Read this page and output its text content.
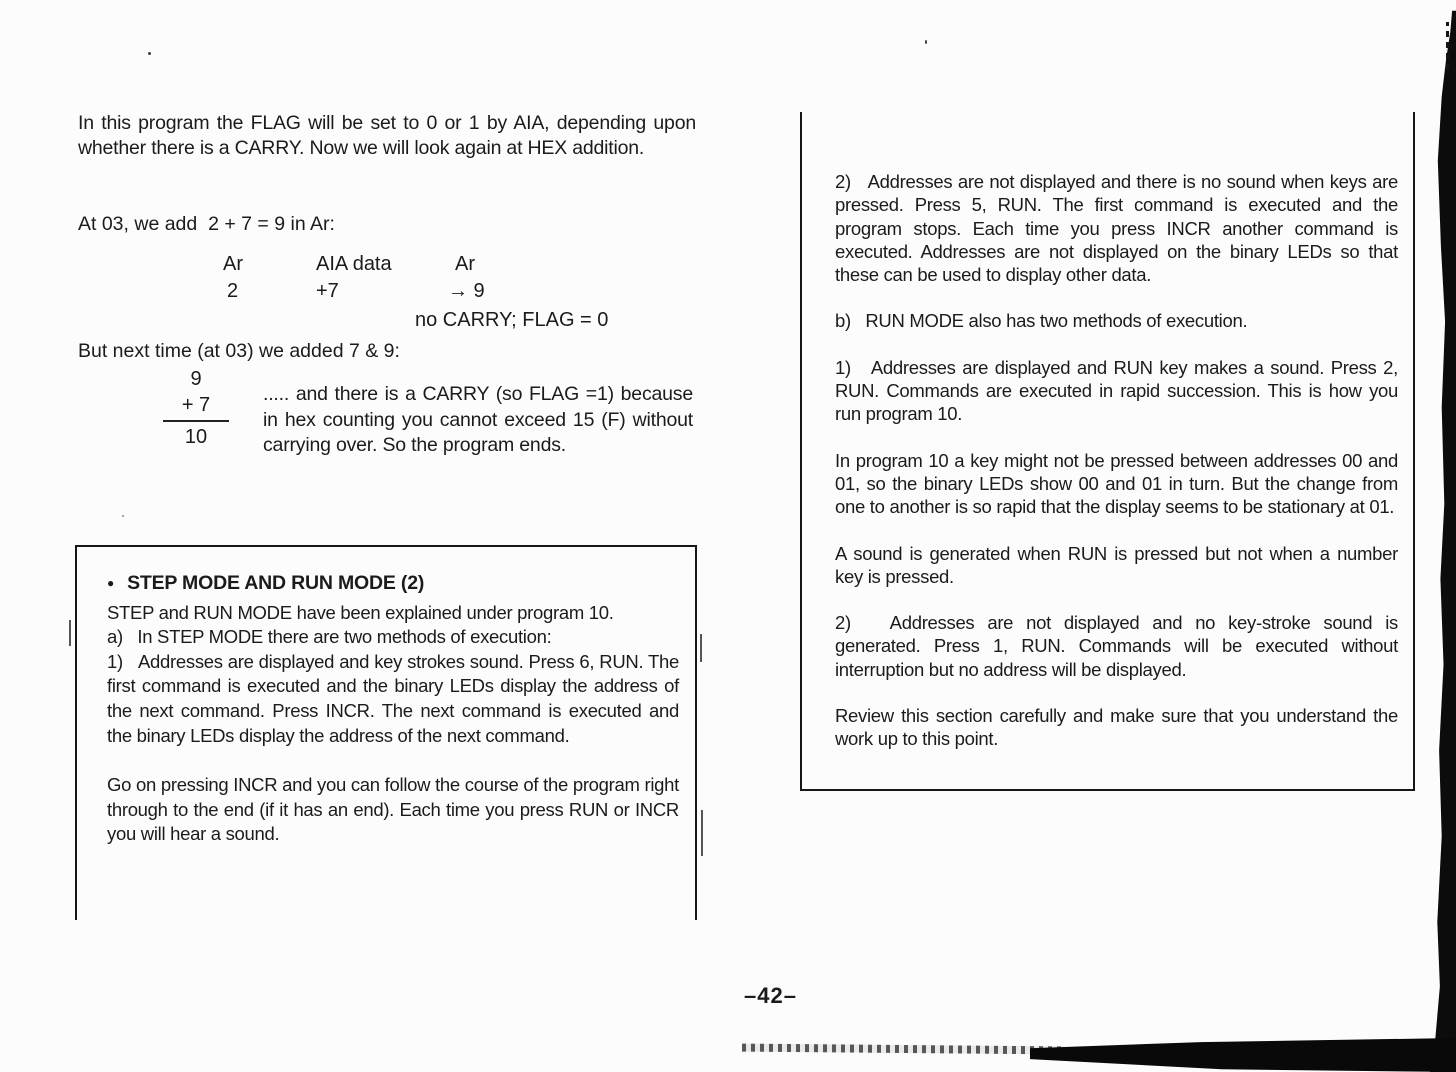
In this program the FLAG will be set to 0 or 1 by AIA, depending upon whether there is a CARRY. Now we will look again at HEX addition.
At 03, we add  2 + 7 = 9 in Ar:
Ar	AIA data	Ar
2	+7	→ 9
no CARRY; FLAG = 0
But next time (at 03) we added 7 & 9:
9
+ 7
10
..... and there is a CARRY (so FLAG =1) because in hex counting you cannot exceed 15 (F) without carrying over. So the program ends.
● STEP MODE AND RUN MODE (2)

STEP and RUN MODE have been explained under program 10.

a)   In STEP MODE there are two methods of execution:

1)   Addresses are displayed and key strokes sound. Press 6, RUN. The first command is executed and the binary LEDs display the address of the next command. Press INCR. The next command is executed and the binary LEDs display the address of the next command.

Go on pressing INCR and you can follow the course of the program right through to the end (if it has an end). Each time you press RUN or INCR you will hear a sound.

2)   Addresses are not displayed and there is no sound when keys are pressed. Press 5, RUN. The first command is executed and the program stops. Each time you press INCR another command is executed. Addresses are not displayed on the binary LEDs so that these can be used to display other data.

b)   RUN MODE also has two methods of execution.

1)   Addresses are displayed and RUN key makes a sound. Press 2, RUN. Commands are executed in rapid succession. This is how you run program 10.

In program 10 a key might not be pressed between addresses 00 and 01, so the binary LEDs show 00 and 01 in turn. But the change from one to another is so rapid that the display seems to be stationary at 01.

A sound is generated when RUN is pressed but not when a number key is pressed.

2)   Addresses are not displayed and no key-stroke sound is generated. Press 1, RUN. Commands will be executed without interruption but no address will be displayed.

Review this section carefully and make sure that you understand the work up to this point.

–42–
